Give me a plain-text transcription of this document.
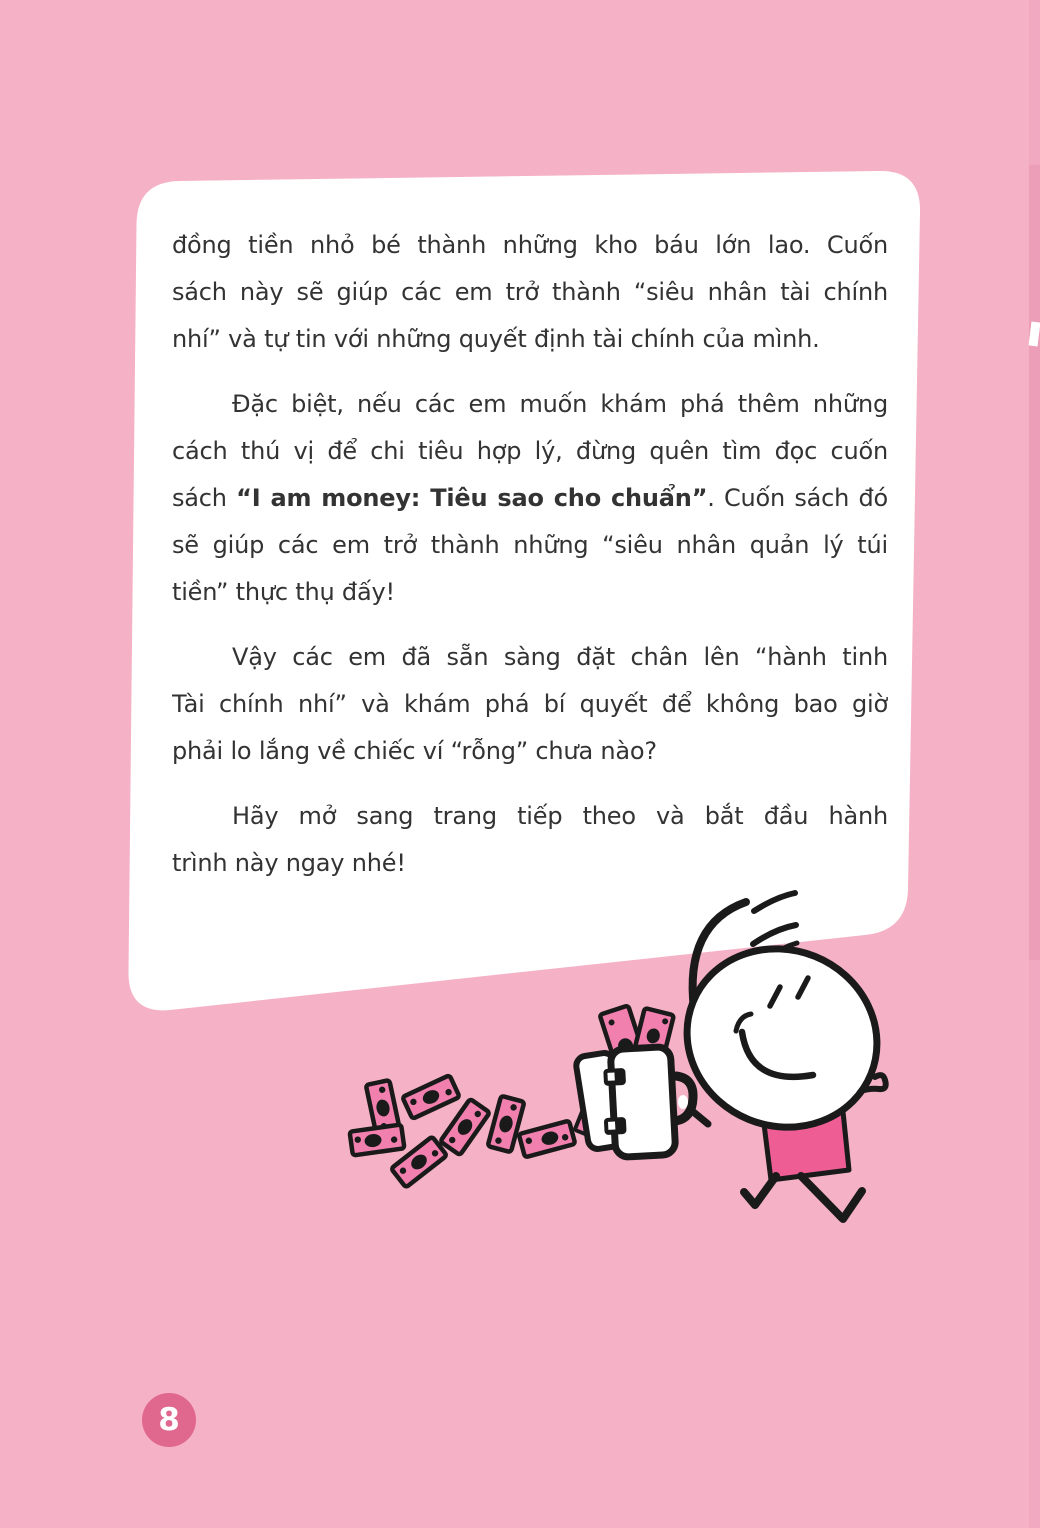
đồng tiền nhỏ bé thành những kho báu lớn lao. Cuốn
sách này sẽ giúp các em trở thành “siêu nhân tài chính
nhí” và tự tin với những quyết định tài chính của mình.
Đặc biệt, nếu các em muốn khám phá thêm những
cách thú vị để chi tiêu hợp lý, đừng quên tìm đọc cuốn
sách “I am money: Tiêu sao cho chuẩn”. Cuốn sách đó
sẽ giúp các em trở thành những “siêu nhân quản lý túi
tiền” thực thụ đấy!
Vậy các em đã sẵn sàng đặt chân lên “hành tinh
Tài chính nhí” và khám phá bí quyết để không bao giờ
phải lo lắng về chiếc ví “rỗng” chưa nào?
Hãy mở sang trang tiếp theo và bắt đầu hành
trình này ngay nhé!
8
